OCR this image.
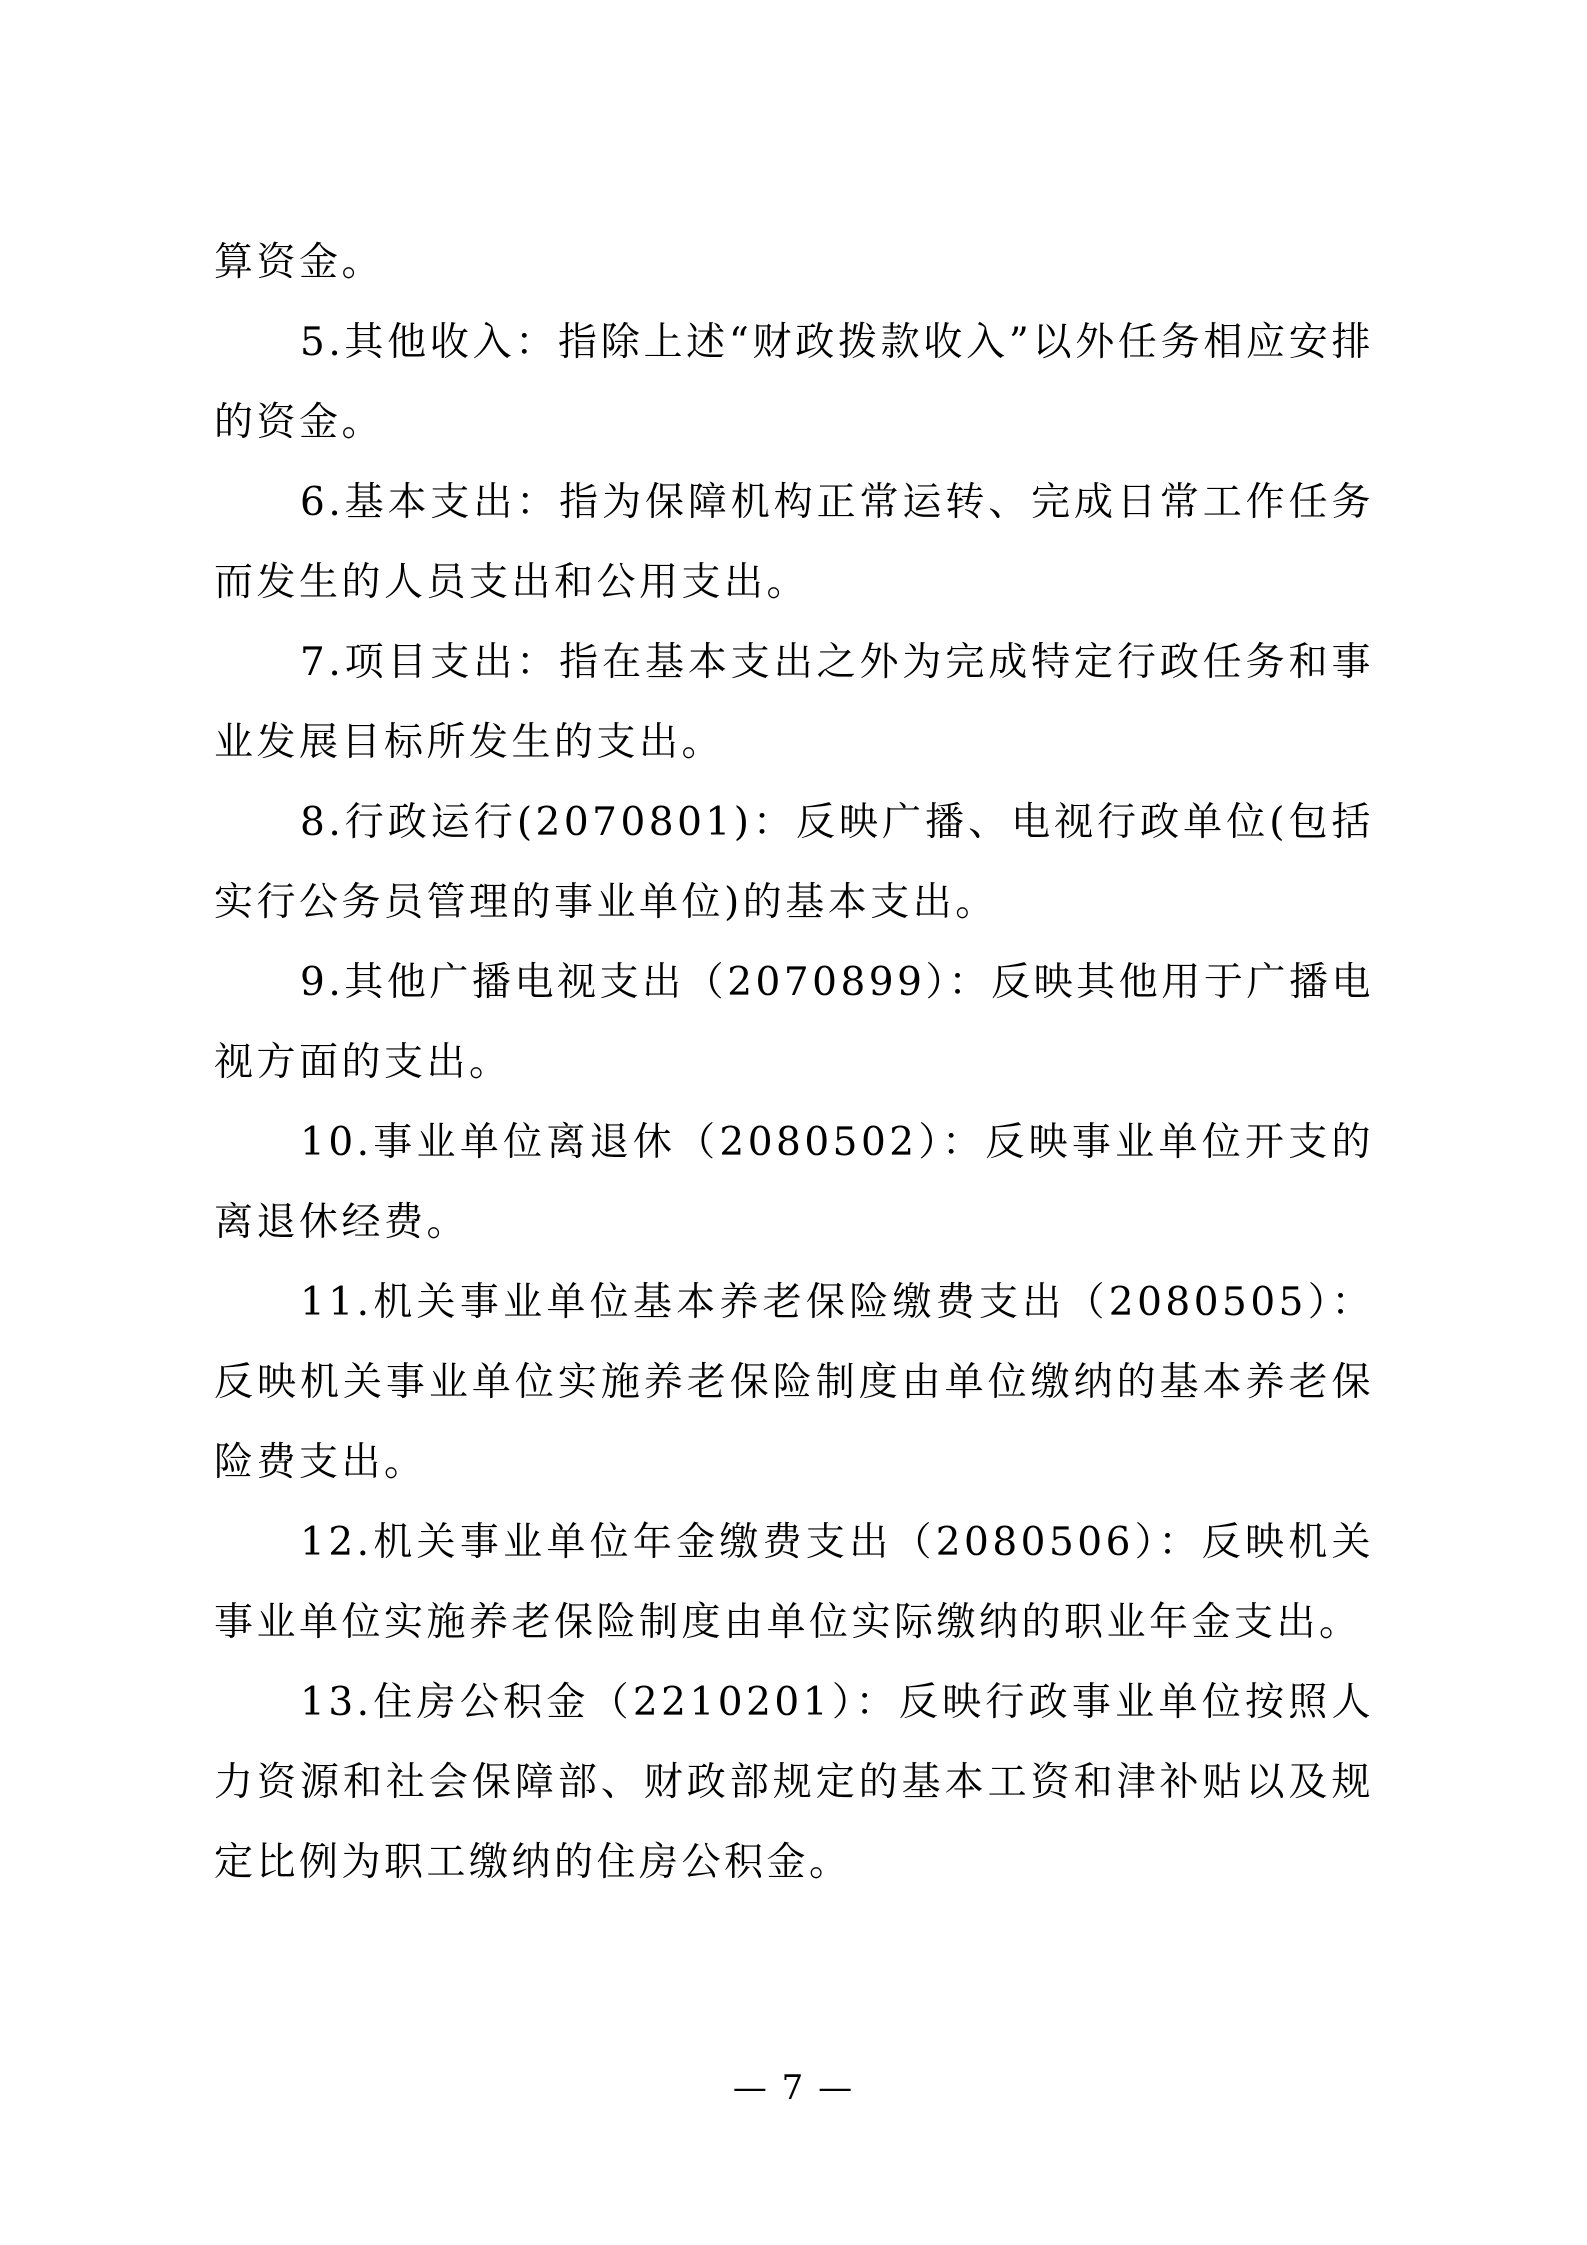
算资金。

5.其他收入：指除上述“财政拨款收入”以外任务相应安排的资金。

6.基本支出：指为保障机构正常运转、完成日常工作任务而发生的人员支出和公用支出。

7.项目支出：指在基本支出之外为完成特定行政任务和事业发展目标所发生的支出。

8.行政运行(2070801)：反映广播、电视行政单位(包括实行公务员管理的事业单位)的基本支出。

9.其他广播电视支出（2070899）：反映其他用于广播电视方面的支出。

10.事业单位离退休（2080502）：反映事业单位开支的离退休经费。

11.机关事业单位基本养老保险缴费支出（2080505）：反映机关事业单位实施养老保险制度由单位缴纳的基本养老保险费支出。

12.机关事业单位年金缴费支出（2080506）：反映机关事业单位实施养老保险制度由单位实际缴纳的职业年金支出。

13.住房公积金（2210201）：反映行政事业单位按照人力资源和社会保障部、财政部规定的基本工资和津补贴以及规定比例为职工缴纳的住房公积金。

— 7 —
